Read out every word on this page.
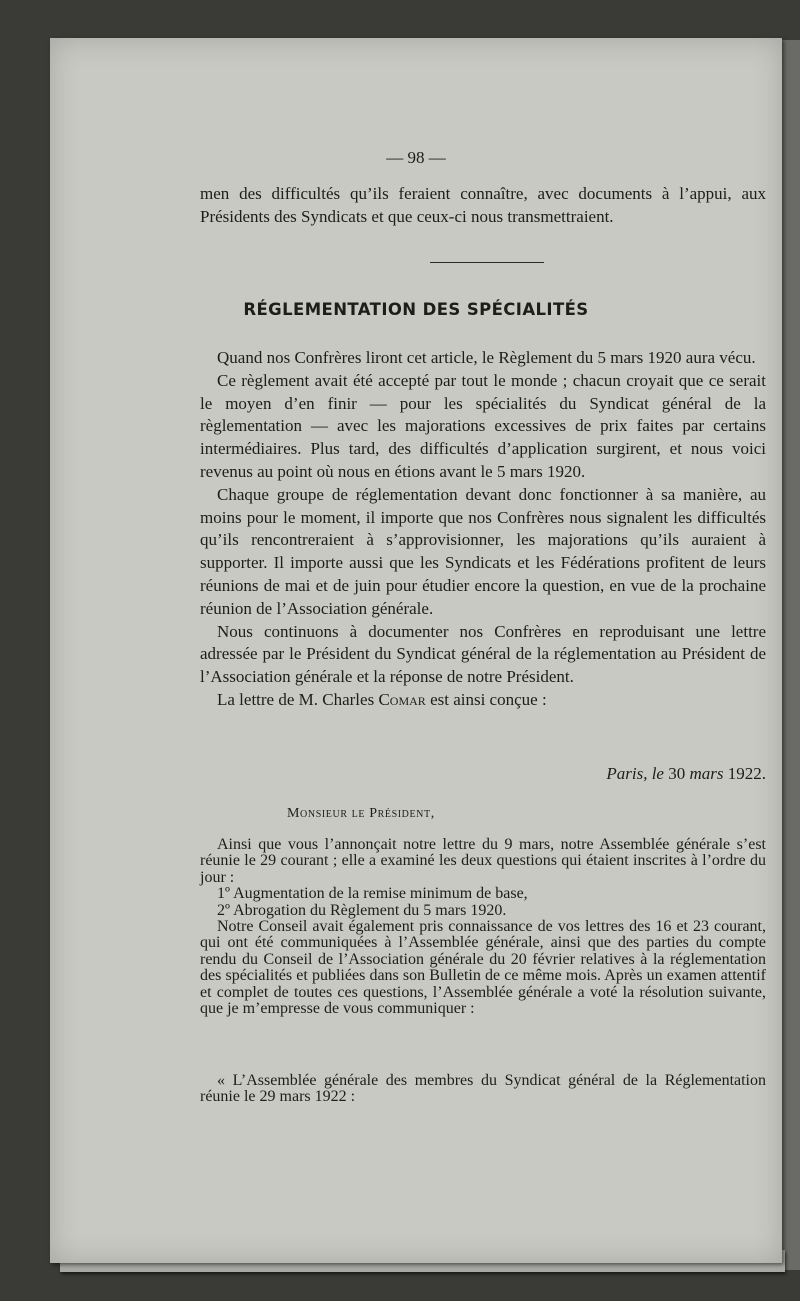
— 98 —

men des difficultés qu’ils feraient connaître, avec documents à l’appui, aux Présidents des Syndicats et que ceux-ci nous transmettraient.

RÉGLEMENTATION DES SPÉCIALITÉS

Quand nos Confrères liront cet article, le Règlement du 5 mars 1920 aura vécu.

Ce règlement avait été accepté par tout le monde ; chacun croyait que ce serait le moyen d’en finir — pour les spécialités du Syndicat général de la règlementation — avec les majorations excessives de prix faites par certains intermédiaires. Plus tard, des difficultés d’application surgirent, et nous voici revenus au point où nous en étions avant le 5 mars 1920.

Chaque groupe de réglementation devant donc fonctionner à sa manière, au moins pour le moment, il importe que nos Confrères nous signalent les difficultés qu’ils rencontreraient à s’approvisionner, les majorations qu’ils auraient à supporter. Il importe aussi que les Syndicats et les Fédérations profitent de leurs réunions de mai et de juin pour étudier encore la question, en vue de la prochaine réunion de l’Association générale.

Nous continuons à documenter nos Confrères en reproduisant une lettre adressée par le Président du Syndicat général de la réglementation au Président de l’Association générale et la réponse de notre Président.

La lettre de M. Charles Comar est ainsi conçue :

Paris, le 30 mars 1922.
Monsieur le Président,

Ainsi que vous l’annonçait notre lettre du 9 mars, notre Assemblée générale s’est réunie le 29 courant ; elle a examiné les deux questions qui étaient inscrites à l’ordre du jour :

1º Augmentation de la remise minimum de base,

2º Abrogation du Règlement du 5 mars 1920.

Notre Conseil avait également pris connaissance de vos lettres des 16 et 23 courant, qui ont été communiquées à l’Assemblée générale, ainsi que des parties du compte rendu du Conseil de l’Association générale du 20 février relatives à la réglementation des spécialités et publiées dans son Bulletin de ce même mois. Après un examen attentif et complet de toutes ces questions, l’Assemblée générale a voté la résolution suivante, que je m’empresse de vous communiquer :

« L’Assemblée générale des membres du Syndicat général de la Réglementation réunie le 29 mars 1922 :
